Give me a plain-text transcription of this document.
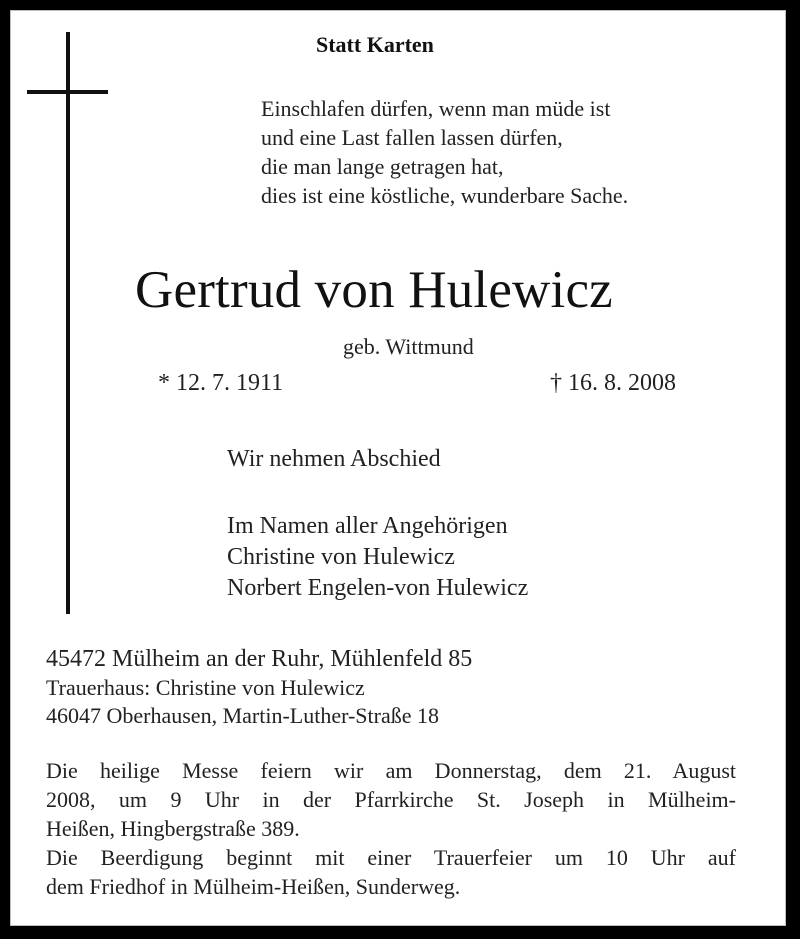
Statt Karten
Einschlafen dürfen, wenn man müde ist
und eine Last fallen lassen dürfen,
die man lange getragen hat,
dies ist eine köstliche, wunderbare Sache.
Gertrud von Hulewicz
geb. Wittmund
* 12. 7. 1911	† 16. 8. 2008
Wir nehmen Abschied
Im Namen aller Angehörigen
Christine von Hulewicz
Norbert Engelen-von Hulewicz
45472 Mülheim an der Ruhr, Mühlenfeld 85
Trauerhaus: Christine von Hulewicz
46047 Oberhausen, Martin-Luther-Straße 18
Die heilige Messe feiern wir am Donnerstag, dem 21. August
2008, um 9 Uhr in der Pfarrkirche St. Joseph in Mülheim-
Heißen, Hingbergstraße 389.
Die Beerdigung beginnt mit einer Trauerfeier um 10 Uhr auf
dem Friedhof in Mülheim-Heißen, Sunderweg.
